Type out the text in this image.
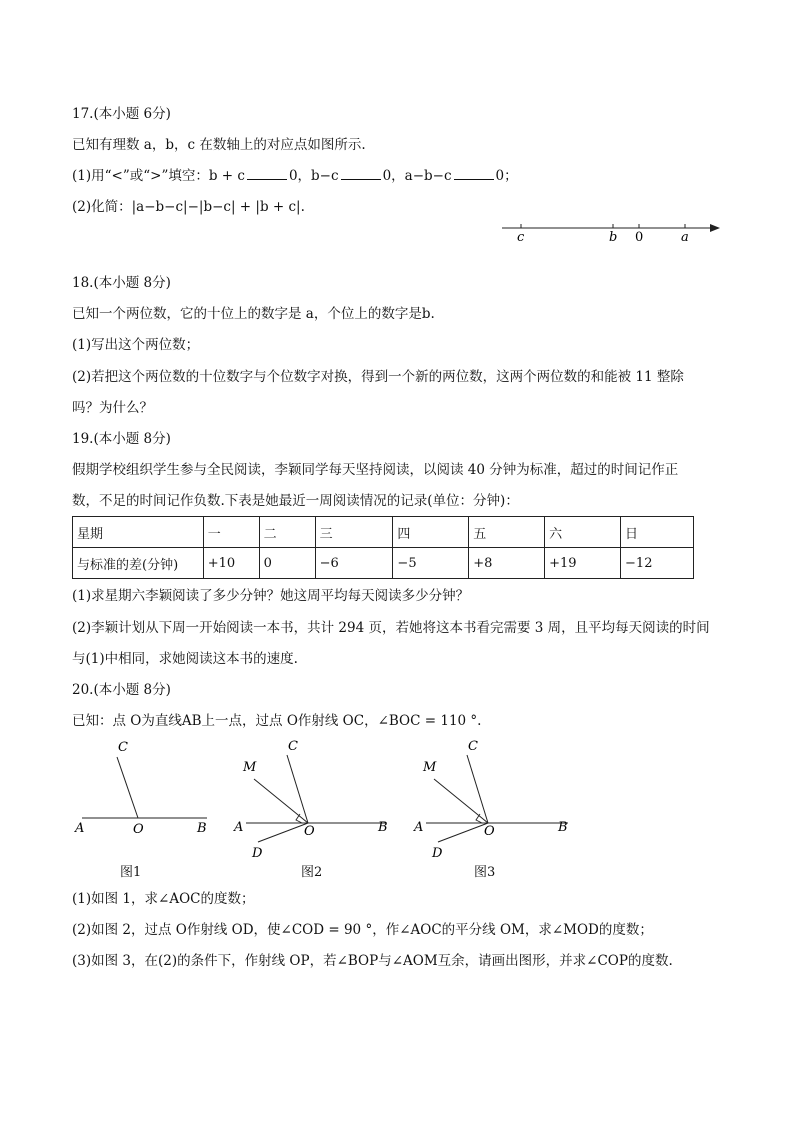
17.(本小题 6分)
已知有理数 a，b，c 在数轴上的对应点如图所示.
(1)用“<”或“>”填空：b + c	0，b−c	0，a−b−c	0；
(2)化简：|a−b−c|−|b−c| + |b + c|.
c	b 0	a
18.(本小题 8分)
已知一个两位数，它的十位上的数字是 a，个位上的数字是b.
(1)写出这个两位数；
(2)若把这个两位数的十位数字与个位数字对换，得到一个新的两位数，这两个两位数的和能被 11 整除
吗？为什么？
19.(本小题 8分)
假期学校组织学生参与全民阅读，李颖同学每天坚持阅读，以阅读 40 分钟为标准，超过的时间记作正
数，不足的时间记作负数.下表是她最近一周阅读情况的记录(单位：分钟)：
星期	一	二	三	四	五	六	日
与标准的差(分钟)	+10	0	−6	−5	+8	+19	−12
(1)求星期六李颖阅读了多少分钟？她这周平均每天阅读多少分钟？
(2)李颖计划从下周一开始阅读一本书，共计 294 页，若她将这本书看完需要 3 周，且平均每天阅读的时间
与(1)中相同，求她阅读这本书的速度.
20.(本小题 8分)
已知：点 O为直线AB上一点，过点 O作射线 OC，∠BOC = 110 °.
C
A	O	B
图1
C
M
A	O	B
D
图2
C
M
A	O	B
D
图3
(1)如图 1，求∠AOC的度数；
(2)如图 2，过点 O作射线 OD，使∠COD = 90 °，作∠AOC的平分线 OM，求∠MOD的度数；
(3)如图 3，在(2)的条件下，作射线 OP，若∠BOP与∠AOM互余，请画出图形，并求∠COP的度数.
